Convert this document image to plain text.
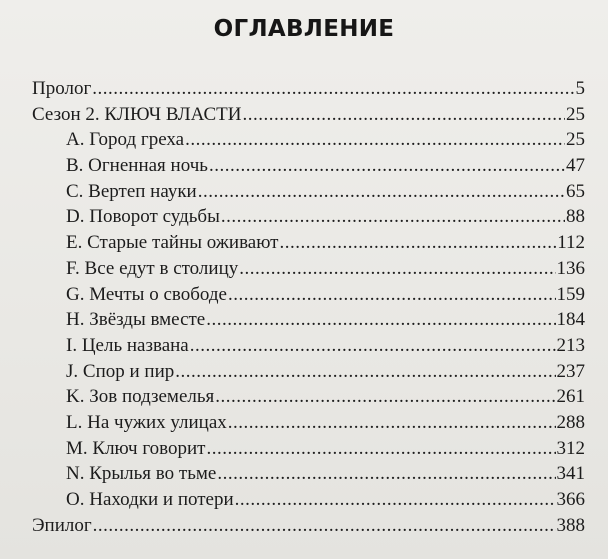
ОГЛАВЛЕНИЕ
Пролог .....	5
Сезон 2. КЛЮЧ ВЛАСТИ .....	25
A. Город греха .....	25
B. Огненная ночь .....	47
C. Вертеп науки .....	65
D. Поворот судьбы .....	88
E. Старые тайны оживают .....	112
F. Все едут в столицу .....	136
G. Мечты о свободе .....	159
H. Звёзды вместе .....	184
I. Цель названа .....	213
J. Спор и пир .....	237
K. Зов подземелья .....	261
L. На чужих улицах .....	288
M. Ключ говорит .....	312
N. Крылья во тьме .....	341
O. Находки и потери .....	366
Эпилог .....	388
